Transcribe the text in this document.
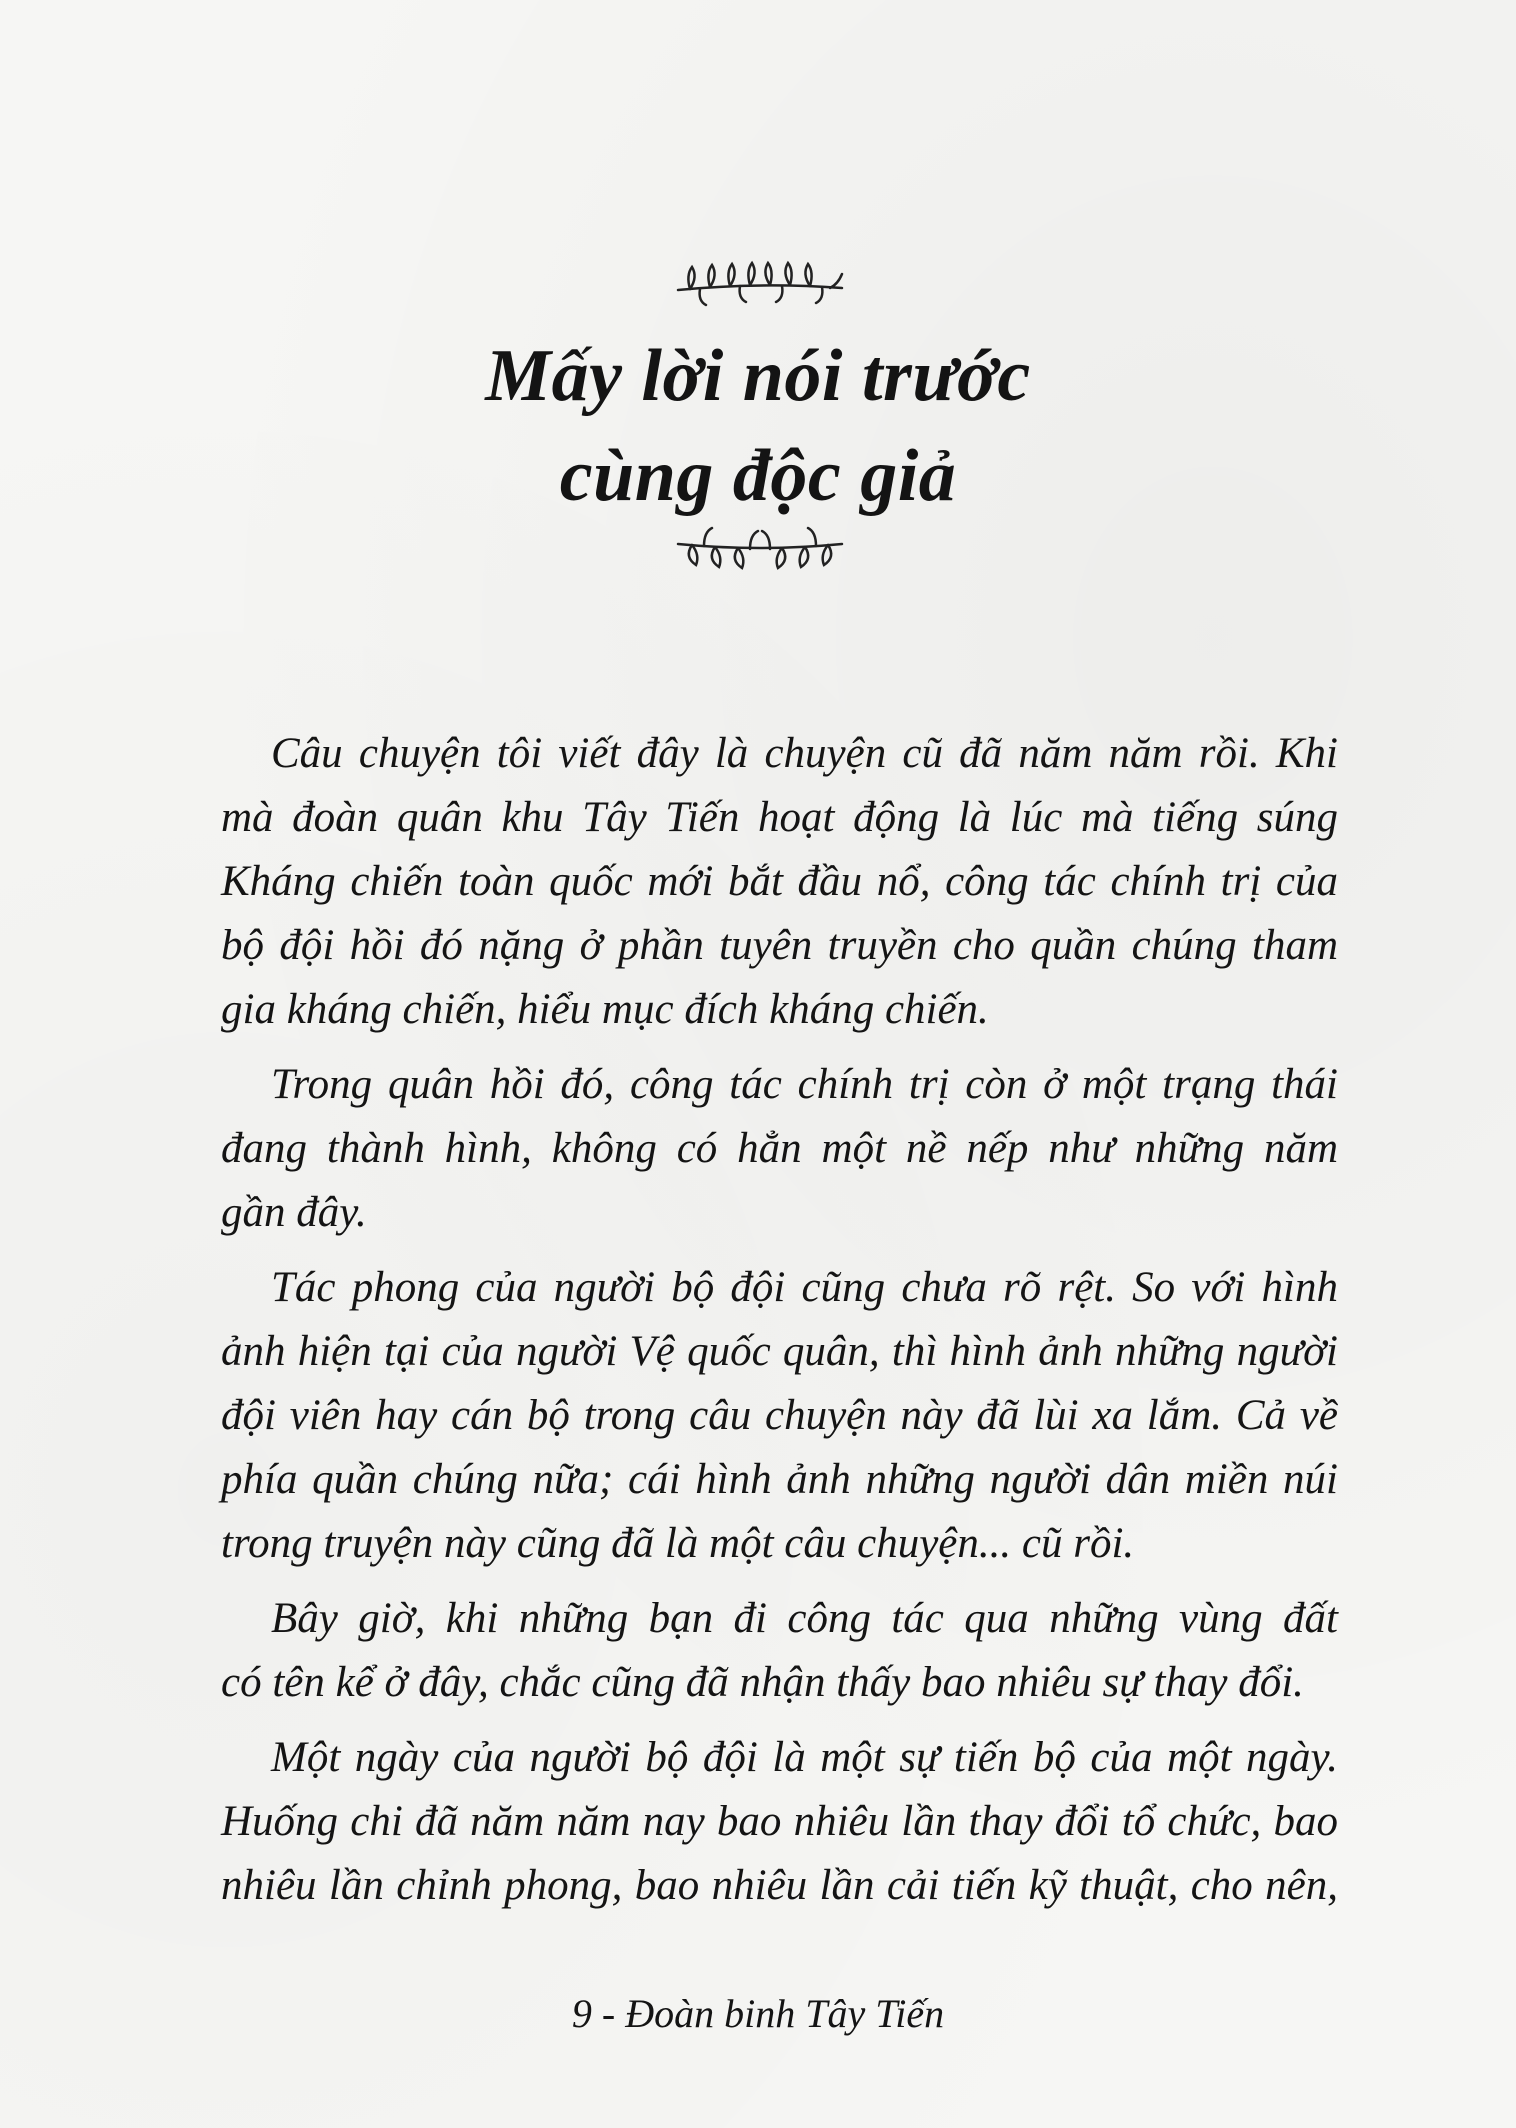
Mấy lời nói trước
cùng độc giả
Câu chuyện tôi viết đây là chuyện cũ đã năm năm rồi. Khi
mà đoàn quân khu Tây Tiến hoạt động là lúc mà tiếng súng
Kháng chiến toàn quốc mới bắt đầu nổ, công tác chính trị của
bộ đội hồi đó nặng ở phần tuyên truyền cho quần chúng tham
gia kháng chiến, hiểu mục đích kháng chiến.
Trong quân hồi đó, công tác chính trị còn ở một trạng thái
đang thành hình, không có hẳn một nề nếp như những năm
gần đây.
Tác phong của người bộ đội cũng chưa rõ rệt. So với hình
ảnh hiện tại của người Vệ quốc quân, thì hình ảnh những người
đội viên hay cán bộ trong câu chuyện này đã lùi xa lắm. Cả về
phía quần chúng nữa; cái hình ảnh những người dân miền núi
trong truyện này cũng đã là một câu chuyện... cũ rồi.
Bây giờ, khi những bạn đi công tác qua những vùng đất
có tên kể ở đây, chắc cũng đã nhận thấy bao nhiêu sự thay đổi.
Một ngày của người bộ đội là một sự tiến bộ của một ngày.
Huống chi đã năm năm nay bao nhiêu lần thay đổi tổ chức, bao
nhiêu lần chỉnh phong, bao nhiêu lần cải tiến kỹ thuật, cho nên,
9 - Đoàn binh Tây Tiến
